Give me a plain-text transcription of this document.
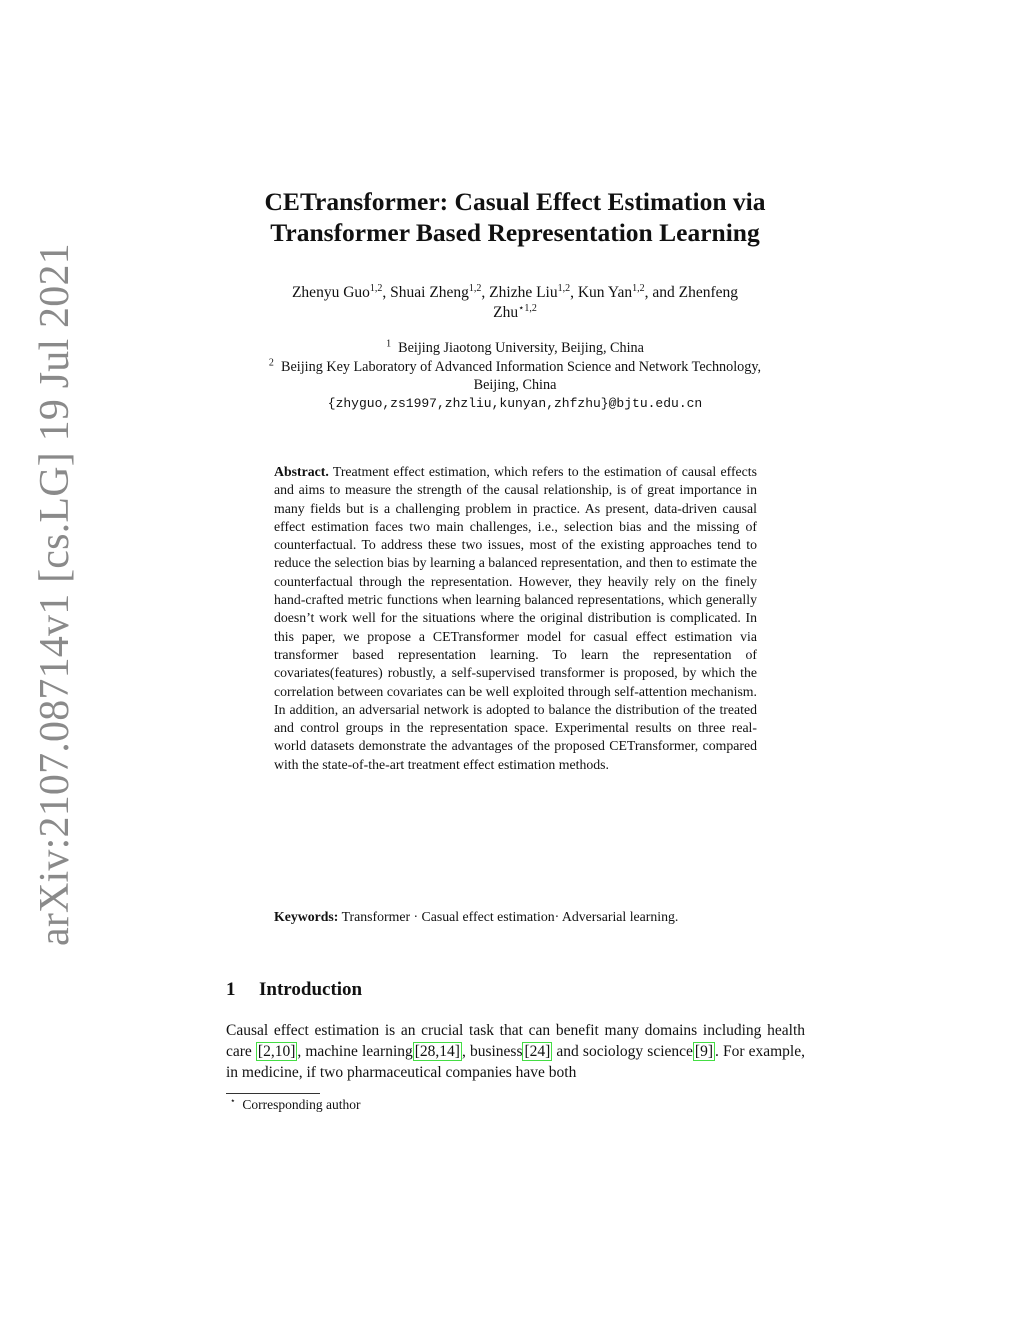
arXiv:2107.08714v1 [cs.LG] 19 Jul 2021
CETransformer: Casual Effect Estimation via
Transformer Based Representation Learning
Zhenyu Guo$^{1,2}$, Shuai Zheng$^{1,2}$, Zhizhe Liu$^{1,2}$, Kun Yan$^{1,2}$, and Zhenfeng
Zhu$^{⋆1,2}$
$^1$ Beijing Jiaotong University, Beijing, China
$^2$ Beijing Key Laboratory of Advanced Information Science and Network Technology,
Beijing, China
{zhyguo,zs1997,zhzliu,kunyan,zhfzhu}@bjtu.edu.cn
Abstract. Treatment effect estimation, which refers to the estimation of causal effects and aims to measure the strength of the causal relationship, is of great importance in many fields but is a challenging problem in practice. As present, data-driven causal effect estimation faces two main challenges, i.e., selection bias and the missing of counterfactual. To address these two issues, most of the existing approaches tend to reduce the selection bias by learning a balanced representation, and then to estimate the counterfactual through the representation. However, they heavily rely on the finely hand-crafted metric functions when learning balanced representations, which generally doesn’t work well for the situations where the original distribution is complicated. In this paper, we propose a CETransformer model for casual effect estimation via transformer based representation learning. To learn the representation of covariates(features) robustly, a self-supervised transformer is proposed, by which the correlation between covariates can be well exploited through self-attention mechanism. In addition, an adversarial network is adopted to balance the distribution of the treated and control groups in the representation space. Experimental results on three real-world datasets demonstrate the advantages of the proposed CETransformer, compared with the state-of-the-art treatment effect estimation methods.
Keywords: Transformer · Casual effect estimation· Adversarial learning.
1 Introduction
Causal effect estimation is an crucial task that can benefit many domains including health care [2,10] , machine learning [28,14] , business [24] and sociology science [9] . For example, in medicine, if two pharmaceutical companies have both
⋆ Corresponding author
